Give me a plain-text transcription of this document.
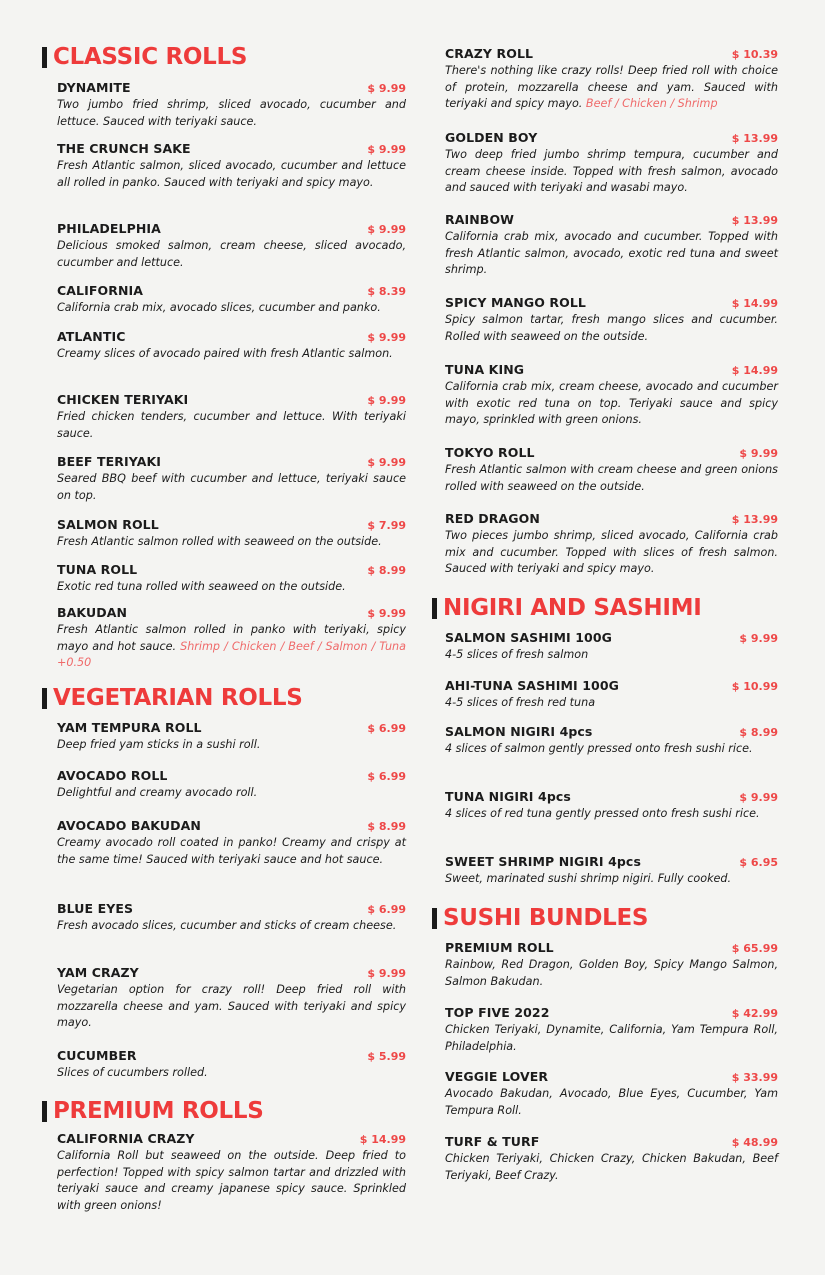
CLASSIC ROLLS
DYNAMITE	$ 9.99

Two jumbo fried shrimp, sliced avocado, cucumber and lettuce. Sauced with teriyaki sauce.

THE CRUNCH SAKE	$ 9.99

Fresh Atlantic salmon, sliced avocado, cucumber and lettuce all rolled in panko. Sauced with teriyaki and spicy mayo.

PHILADELPHIA	$ 9.99

Delicious smoked salmon, cream cheese, sliced avocado, cucumber and lettuce.

CALIFORNIA	$ 8.39

California crab mix, avocado slices, cucumber and panko.

ATLANTIC	$ 9.99

Creamy slices of avocado paired with fresh Atlantic salmon.

CHICKEN TERIYAKI	$ 9.99

Fried chicken tenders, cucumber and lettuce. With teriyaki sauce.

BEEF TERIYAKI	$ 9.99

Seared BBQ beef with cucumber and lettuce, teriyaki sauce on top.

SALMON ROLL	$ 7.99

Fresh Atlantic salmon rolled with seaweed on the outside.

TUNA ROLL	$ 8.99

Exotic red tuna rolled with seaweed on the outside.

BAKUDAN	$ 9.99

Fresh Atlantic salmon rolled in panko with teriyaki, spicy mayo and hot sauce. Shrimp / Chicken / Beef / Salmon / Tuna +0.50

VEGETARIAN ROLLS
YAM TEMPURA ROLL	$ 6.99

Deep fried yam sticks in a sushi roll.

AVOCADO ROLL	$ 6.99

Delightful and creamy avocado roll.

AVOCADO BAKUDAN	$ 8.99

Creamy avocado roll coated in panko! Creamy and crispy at the same time! Sauced with teriyaki sauce and hot sauce.

BLUE EYES	$ 6.99

Fresh avocado slices, cucumber and sticks of cream cheese.

YAM CRAZY	$ 9.99

Vegetarian option for crazy roll! Deep fried roll with mozzarella cheese and yam. Sauced with teriyaki and spicy mayo.

CUCUMBER	$ 5.99

Slices of cucumbers rolled.

PREMIUM ROLLS
CALIFORNIA CRAZY	$ 14.99

California Roll but seaweed on the outside. Deep fried to perfection! Topped with spicy salmon tartar and drizzled with teriyaki sauce and creamy japanese spicy sauce. Sprinkled with green onions!

CRAZY ROLL	$ 10.39

There's nothing like crazy rolls! Deep fried roll with choice of protein, mozzarella cheese and yam. Sauced with teriyaki and spicy mayo. Beef / Chicken / Shrimp

GOLDEN BOY	$ 13.99

Two deep fried jumbo shrimp tempura, cucumber and cream cheese inside. Topped with fresh salmon, avocado and sauced with teriyaki and wasabi mayo.

RAINBOW	$ 13.99

California crab mix, avocado and cucumber. Topped with fresh Atlantic salmon, avocado, exotic red tuna and sweet shrimp.

SPICY MANGO ROLL	$ 14.99

Spicy salmon tartar, fresh mango slices and cucumber. Rolled with seaweed on the outside.

TUNA KING	$ 14.99

California crab mix, cream cheese, avocado and cucumber with exotic red tuna on top. Teriyaki sauce and spicy mayo, sprinkled with green onions.

TOKYO ROLL	$ 9.99

Fresh Atlantic salmon with cream cheese and green onions rolled with seaweed on the outside.

RED DRAGON	$ 13.99

Two pieces jumbo shrimp, sliced avocado, California crab mix and cucumber. Topped with slices of fresh salmon. Sauced with teriyaki and spicy mayo.

NIGIRI AND SASHIMI
SALMON SASHIMI 100G	$ 9.99

4-5 slices of fresh salmon

AHI-TUNA SASHIMI 100G	$ 10.99

4-5 slices of fresh red tuna

SALMON NIGIRI 4pcs	$ 8.99

4 slices of salmon gently pressed onto fresh sushi rice.

TUNA NIGIRI 4pcs	$ 9.99

4 slices of red tuna gently pressed onto fresh sushi rice.

SWEET SHRIMP NIGIRI 4pcs	$ 6.95

Sweet, marinated sushi shrimp nigiri. Fully cooked.

SUSHI BUNDLES
PREMIUM ROLL	$ 65.99

Rainbow, Red Dragon, Golden Boy, Spicy Mango Salmon, Salmon Bakudan.

TOP FIVE 2022	$ 42.99

Chicken Teriyaki, Dynamite, California, Yam Tempura Roll, Philadelphia.

VEGGIE LOVER	$ 33.99

Avocado Bakudan, Avocado, Blue Eyes, Cucumber, Yam Tempura Roll.

TURF & TURF	$ 48.99

Chicken Teriyaki, Chicken Crazy, Chicken Bakudan, Beef Teriyaki, Beef Crazy.
